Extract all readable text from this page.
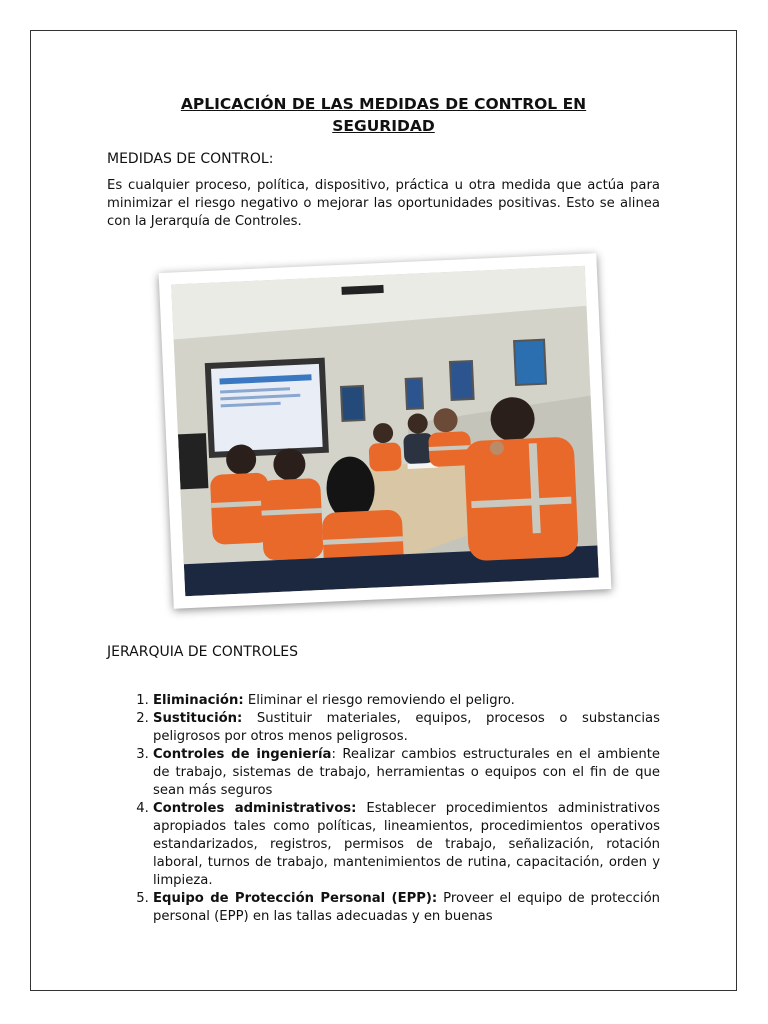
APLICACIÓN DE LAS MEDIDAS DE CONTROL EN
SEGURIDAD

MEDIDAS DE CONTROL:

Es cualquier proceso, política, dispositivo, práctica u otra medida que actúa para minimizar el riesgo negativo o mejorar las oportunidades positivas. Esto se alinea con la Jerarquía de Controles.

JERARQUIA DE CONTROLES

1. Eliminación: Eliminar el riesgo removiendo el peligro.
2. Sustitución: Sustituir materiales, equipos, procesos o substancias peligrosos por otros menos peligrosos.
3. Controles de ingeniería: Realizar cambios estructurales en el ambiente de trabajo, sistemas de trabajo, herramientas o equipos con el fin de que sean más seguros
4. Controles administrativos: Establecer procedimientos administrativos apropiados tales como políticas, lineamientos, procedimientos operativos estandarizados, registros, permisos de trabajo, señalización, rotación laboral, turnos de trabajo, mantenimientos de rutina, capacitación, orden y limpieza.
5. Equipo de Protección Personal (EPP): Proveer el equipo de protección personal (EPP) en las tallas adecuadas y en buenas
